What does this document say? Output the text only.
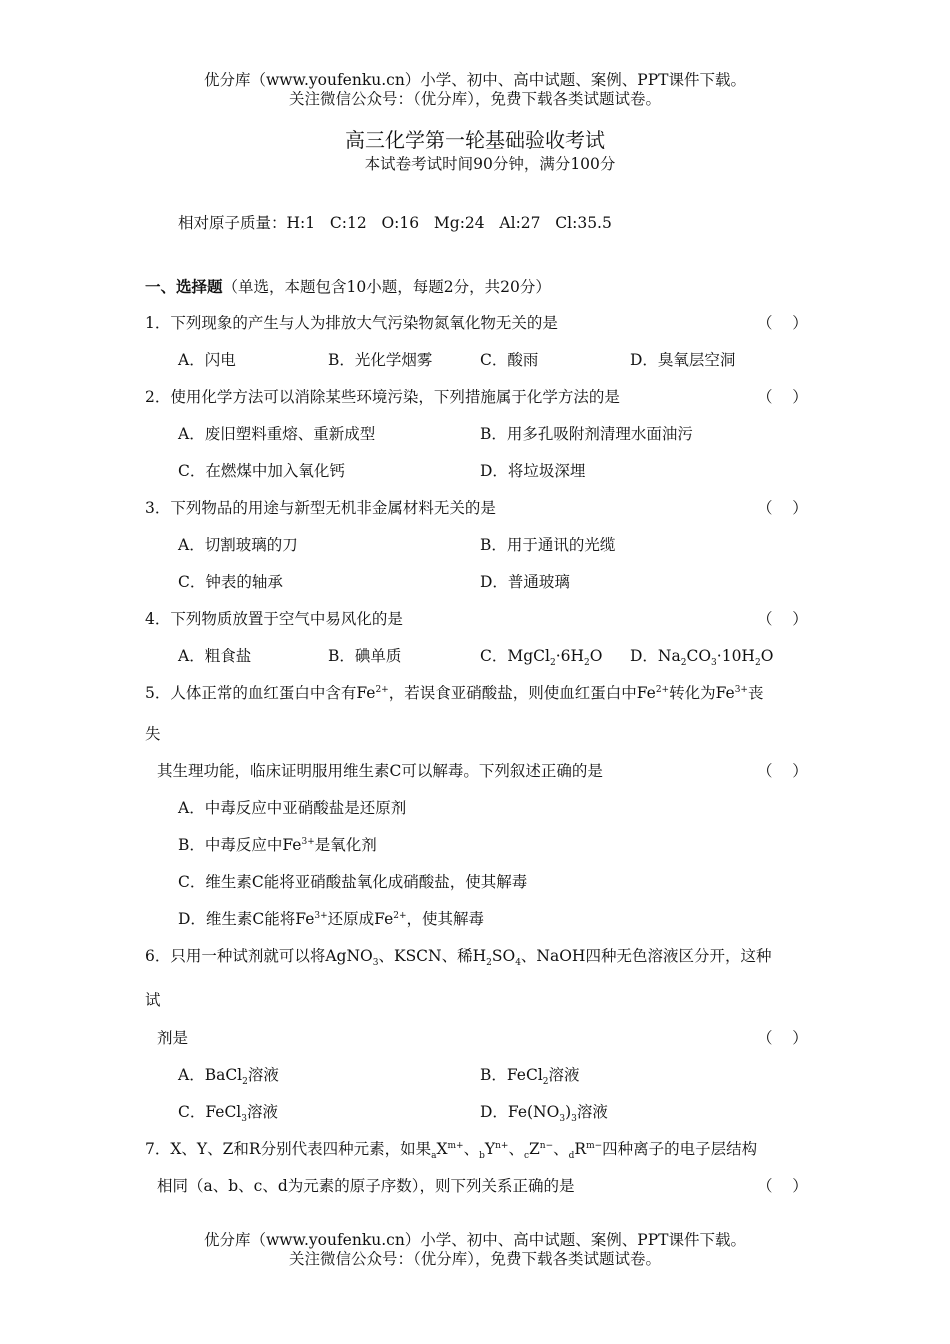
优分库（www.youfenku.cn）小学、初中、高中试题、案例、PPT课件下载。
关注微信公众号：（优分库），免费下载各类试题试卷。
高三化学第一轮基础验收考试
本试卷考试时间90分钟，满分100分
相对原子质量：H:1   C:12   O:16   Mg:24   Al:27   Cl:35.5
一、选择题（单选，本题包含10小题，每题2分，共20分）
1．下列现象的产生与人为排放大气污染物氮氧化物无关的是	（    ）
A．闪电	B．光化学烟雾	C．酸雨	D．臭氧层空洞
2．使用化学方法可以消除某些环境污染，下列措施属于化学方法的是	（    ）
A．废旧塑料重熔、重新成型	B．用多孔吸附剂清理水面油污
C．在燃煤中加入氧化钙	D．将垃圾深埋
3．下列物品的用途与新型无机非金属材料无关的是	（    ）
A．切割玻璃的刀	B．用于通讯的光缆
C．钟表的轴承	D．普通玻璃
4．下列物质放置于空气中易风化的是	（    ）
A．粗食盐	B．碘单质	C．$MgCl_2\cdot 6H_2O$ D．$Na_2CO_3\cdot 10H_2O$
5．人体正常的血红蛋白中含有$Fe^{2+}$，若误食亚硝酸盐，则使血红蛋白中$Fe^{2+}$转化为$Fe^{3+}$丧
失
其生理功能，临床证明服用维生素C可以解毒。下列叙述正确的是	（    ）
A．中毒反应中亚硝酸盐是还原剂
B．中毒反应中$Fe^{3+}$是氧化剂
C．维生素C能将亚硝酸盐氧化成硝酸盐，使其解毒
D．维生素C能将$Fe^{3+}$还原成$Fe^{2+}$，使其解毒
6．只用一种试剂就可以将AgNO$_3$、KSCN、稀$H_2SO_4$、NaOH四种无色溶液区分开，这种
试
剂是	（    ）
A．BaCl$_2$溶液	B．FeCl$_2$溶液
C．FeCl$_3$溶液	D．$Fe(NO_3)_3$溶液
7．X、Y、Z和R分别代表四种元素，如果$_aX^{m+}$、$_bY^{n+}$、$_cZ^{n-}$、$_dR^{m-}$四种离子的电子层结构
相同（a、b、c、d为元素的原子序数），则下列关系正确的是	（    ）
优分库（www.youfenku.cn）小学、初中、高中试题、案例、PPT课件下载。
关注微信公众号：（优分库），免费下载各类试题试卷。
